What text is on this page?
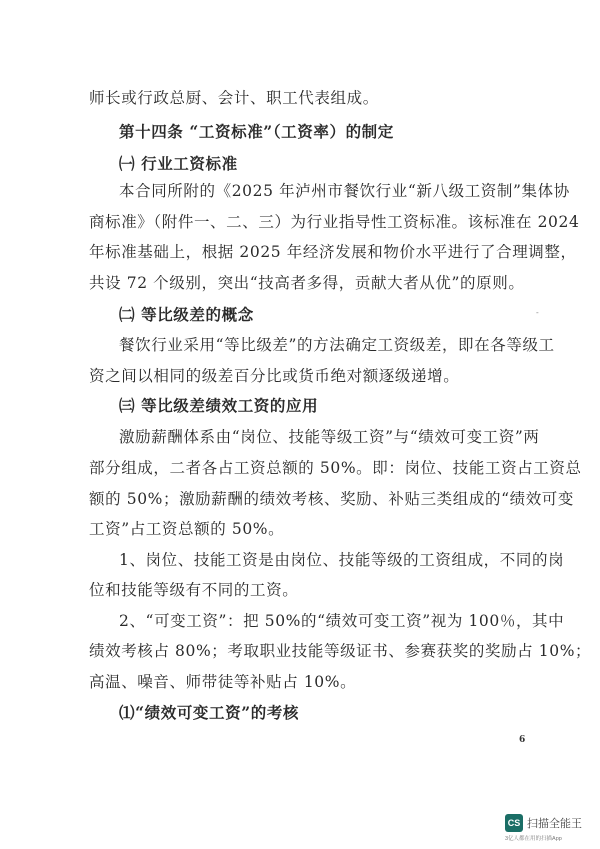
师长或行政总厨、会计、职工代表组成。
第十四条 “工资标准”（工资率）的制定
㈠ 行业工资标准
本合同所附的《2025 年泸州市餐饮行业“新八级工资制”集体协
商标准》（附件一、二、三）为行业指导性工资标准。该标准在 2024
年标准基础上，根据 2025 年经济发展和物价水平进行了合理调整，
共设 72 个级别，突出“技高者多得，贡献大者从优”的原则。
-
㈡ 等比级差的概念
餐饮行业采用“等比级差”的方法确定工资级差，即在各等级工
资之间以相同的级差百分比或货币绝对额逐级递增。
㈢ 等比级差绩效工资的应用
激励薪酬体系由“岗位、技能等级工资”与“绩效可变工资”两
部分组成，二者各占工资总额的 50%。即：岗位、技能工资占工资总
额的 50%；激励薪酬的绩效考核、奖励、补贴三类组成的“绩效可变
工资”占工资总额的 50%。
1、岗位、技能工资是由岗位、技能等级的工资组成，不同的岗
位和技能等级有不同的工资。
2、“可变工资”：把 50%的“绩效可变工资”视为 100％，其中
绩效考核占 80%；考取职业技能等级证书、参赛获奖的奖励占 10%；
高温、噪音、师带徒等补贴占 10%。
⑴“绩效可变工资”的考核
6
CS 扫描全能王
3亿人都在用的扫描App
